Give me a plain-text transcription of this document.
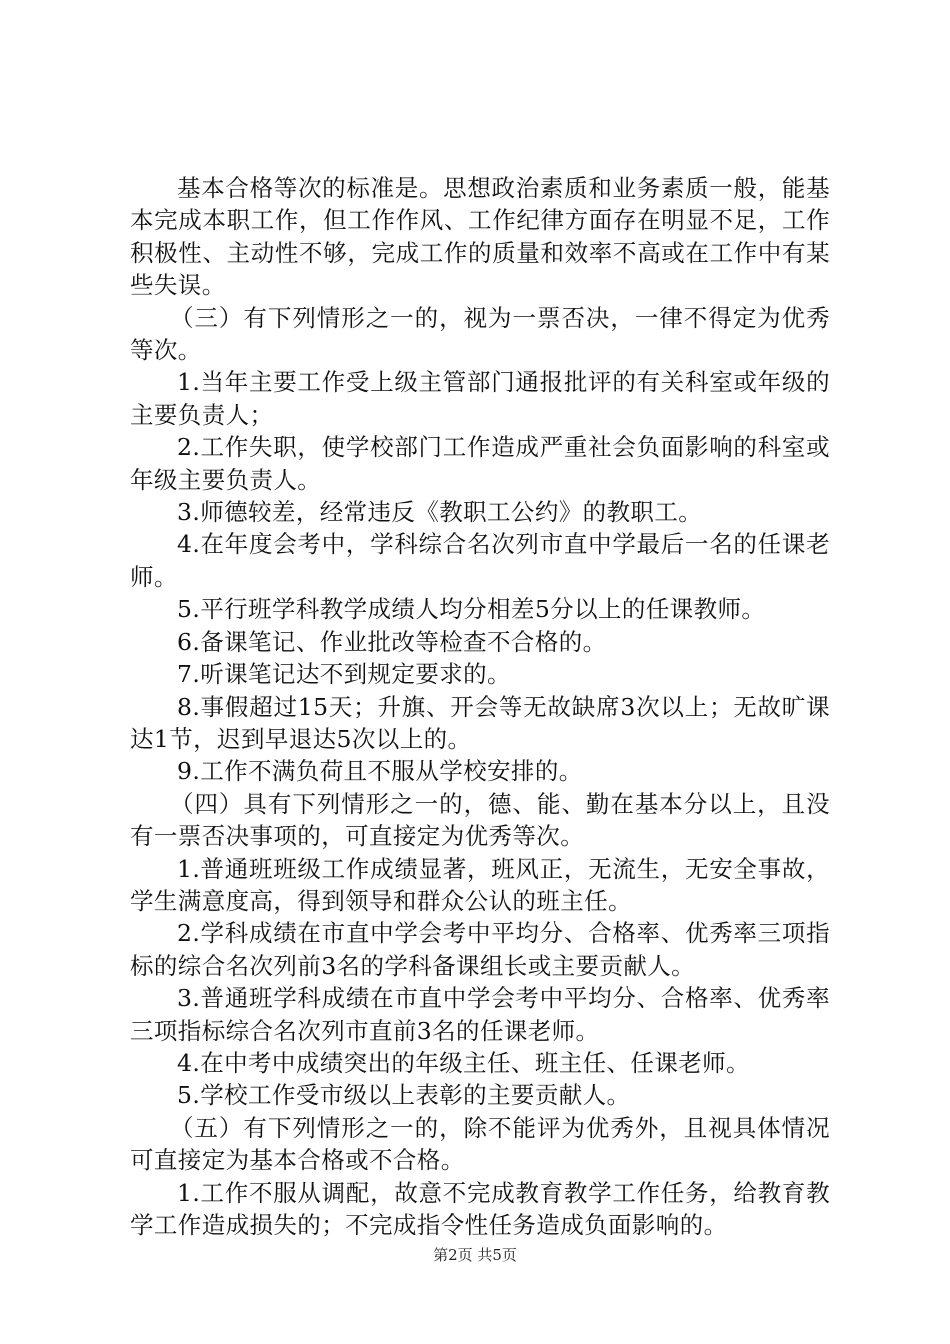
基本合格等次的标准是。思想政治素质和业务素质一般，能基本完成本职工作，但工作作风、工作纪律方面存在明显不足，工作积极性、主动性不够，完成工作的质量和效率不高或在工作中有某些失误。

（三）有下列情形之一的，视为一票否决，一律不得定为优秀等次。

1.当年主要工作受上级主管部门通报批评的有关科室或年级的主要负责人；

2.工作失职，使学校部门工作造成严重社会负面影响的科室或年级主要负责人。

3.师德较差，经常违反《教职工公约》的教职工。

4.在年度会考中，学科综合名次列市直中学最后一名的任课老师。

5.平行班学科教学成绩人均分相差5分以上的任课教师。

6.备课笔记、作业批改等检查不合格的。

7.听课笔记达不到规定要求的。

8.事假超过15天；升旗、开会等无故缺席3次以上；无故旷课达1节，迟到早退达5次以上的。

9.工作不满负荷且不服从学校安排的。

（四）具有下列情形之一的，德、能、勤在基本分以上，且没有一票否决事项的，可直接定为优秀等次。

1.普通班班级工作成绩显著，班风正，无流生，无安全事故，学生满意度高，得到领导和群众公认的班主任。

2.学科成绩在市直中学会考中平均分、合格率、优秀率三项指标的综合名次列前3名的学科备课组长或主要贡献人。

3.普通班学科成绩在市直中学会考中平均分、合格率、优秀率三项指标综合名次列市直前3名的任课老师。

4.在中考中成绩突出的年级主任、班主任、任课老师。

5.学校工作受市级以上表彰的主要贡献人。

（五）有下列情形之一的，除不能评为优秀外，且视具体情况可直接定为基本合格或不合格。

1.工作不服从调配，故意不完成教育教学工作任务，给教育教学工作造成损失的；不完成指令性任务造成负面影响的。

第2页 共5页
